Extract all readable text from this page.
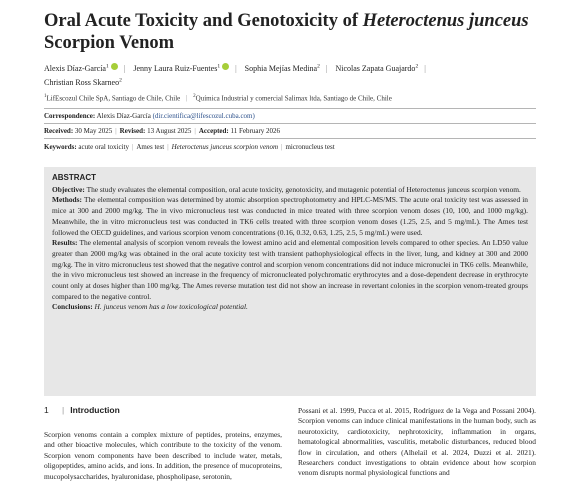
Oral Acute Toxicity and Genotoxicity of Heteroctenus junceus Scorpion Venom
Alexis Díaz-García$^1$ | Jenny Laura Ruiz-Fuentes$^1$ | Sophia Mejías Medina$^2$ | Nicolas Zapata Guajardo$^2$ |
Christian Ross Skarneo$^2$
$^1$LifEscozul Chile SpA, Santiago de Chile, Chile | $^2$Química Industrial y comercial Salimax ltda, Santiago de Chile, Chile
Correspondence: Alexis Díaz-García (dir.cientifica@lifescozul.cuba.com)
Received: 30 May 2025 | Revised: 13 August 2025 | Accepted: 11 February 2026
Keywords: acute oral toxicity | Ames test | Heteroctenus junceus scorpion venom | micronucleus test
ABSTRACT

Objective: The study evaluates the elemental composition, oral acute toxicity, genotoxicity, and mutagenic potential of Heteroctenus junceus scorpion venom.

Methods: The elemental composition was determined by atomic absorption spectrophotometry and HPLC-MS/MS. The acute oral toxicity test was assessed in mice at 300 and 2000 mg/kg. The in vivo micronucleus test was conducted in mice treated with three scorpion venom doses (10, 100, and 1000 mg/kg). Meanwhile, the in vitro micronucleus test was conducted in TK6 cells treated with three scorpion venom doses (1.25, 2.5, and 5 mg/mL). The Ames test followed the OECD guidelines, and various scorpion venom concentrations (0.16, 0.32, 0.63, 1.25, 2.5, 5 mg/mL) were used.

Results: The elemental analysis of scorpion venom reveals the lowest amino acid and elemental composition levels compared to other species. An LD50 value greater than 2000 mg/kg was obtained in the oral acute toxicity test with transient pathophysiological effects in the liver, lung, and kidney at 300 and 2000 mg/kg. The in vitro micronucleus test showed that the negative control and scorpion venom concentrations did not induce micronuclei in TK6 cells. Meanwhile, the in vivo micronucleus test showed an increase in the frequency of micronucleated polychromatic erythrocytes and a dose-dependent decrease in erythrocyte count only at doses higher than 100 mg/kg. The Ames reverse mutation test did not show an increase in revertant colonies in the scorpion venom-treated groups compared to the negative control.

Conclusions: H. junceus venom has a low toxicological potential.

1 | Introduction

Scorpion venoms contain a complex mixture of peptides, proteins, enzymes, and other bioactive molecules, which contribute to the toxicity of the venom. Scorpion venom components have been described to include water, metals, oligopeptides, amino acids, and ions. In addition, the presence of mucoproteins, mucopolysaccharides, hyaluronidase, phospholipase, serotonin,

Possani et al. 1999, Pucca et al. 2015, Rodríguez de la Vega and Possani 2004). Scorpion venoms can induce clinical manifestations in the human body, such as neurotoxicity, cardiotoxicity, nephrotoxicity, inflammation in organs, hematological abnormalities, vasculitis, metabolic disturbances, reduced blood flow in circulation, and others (Alhelail et al. 2024, Duzzi et al. 2021). Researchers conduct investigations to obtain evidence about how scorpion venom disrupts normal physiological functions and
